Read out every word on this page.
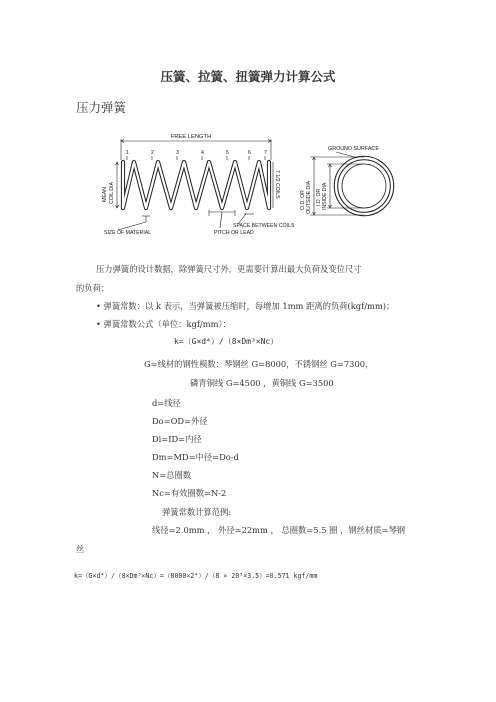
压簧、拉簧、扭簧弹力计算公式
压力弹簧
FREE LENGTH
1	2	3	4	5	6	7
MEAN COIL DIA	7 1/2 COILS
SIZE OF MATERIAL	PITCH OR LEAD
SPACE BETWEEN COILS
GROUND SURFACE
O.D. OR OUTSIDE DIA I.D. OR INSIDE DIA
压力弹簧的设计数据，除弹簧尺寸外，更需要计算出最大负荷及变位尺寸
的负荷：
• 弹簧常数：以 k 表示，当弹簧被压缩时，每增加 1mm 距离的负荷(kgf/mm)；
• 弹簧常数公式（单位：kgf/mm）：
k=（G×d⁴）/（8×Dm³×Nc）
G=线材的钢性模数：琴钢丝 G=8000，不锈钢丝 G=7300，
磷青铜线 G=4500 ，黄铜线 G=3500
d=线径
Do=OD=外径
Di=ID=内径
Dm=MD=中径=Do-d
N=总圈数
Nc=有效圈数=N-2
弹簧常数计算范例:
线径=2.0mm ， 外径=22mm ， 总圈数=5.5 圈 ，钢丝材质=琴钢
丝
k=（G×d⁴）/（8×Dm³×Nc）=（8000×2⁴）/（8 × 20³×3.5）=0.571 kgf/mm
